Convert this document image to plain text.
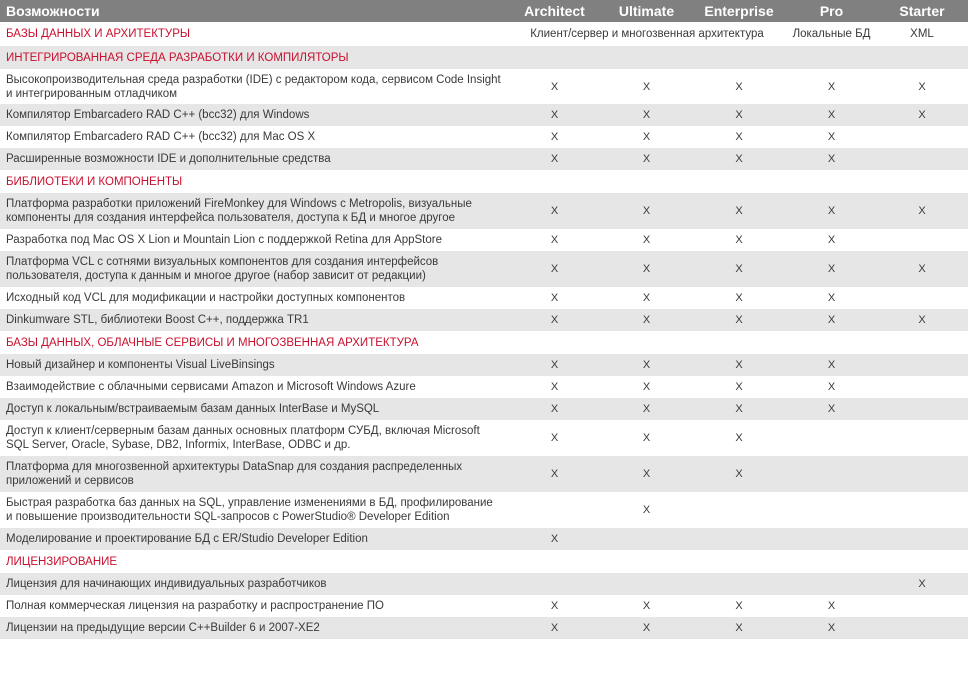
Возможности	Architect	Ultimate	Enterprise	Pro	Starter
БАЗЫ ДАННЫХ И АРХИТЕКТУРЫ	Клиент/сервер и многозвенная архитектура			Локальные БД	XML
ИНТЕГРИРОВАННАЯ СРЕДА РАЗРАБОТКИ И КОМПИЛЯТОРЫ					
Высокопроизводительная среда разработки (IDE) с редактором кода, сервисом Code Insight и интегрированным отладчиком	X	X	X	X	X
Компилятор Embarcadero RAD C++ (bcc32) для Windows	X	X	X	X	X
Компилятор Embarcadero RAD C++ (bcc32) для Mac OS X	X	X	X	X	
Расширенные возможности IDE и дополнительные средства	X	X	X	X	
БИБЛИОТЕКИ И КОМПОНЕНТЫ					
Платформа разработки приложений FireMonkey для Windows с Metropolis, визуальные компоненты для создания интерфейса пользователя, доступа к БД и многое другое	X	X	X	X	X
Разработка под Mac OS X Lion и Mountain Lion с поддержкой Retina для AppStore	X	X	X	X	
Платформа VCL с сотнями визуальных компонентов для создания интерфейсов пользователя, доступа к данным и многое другое (набор зависит от редакции)	X	X	X	X	X
Исходный код VCL для модификации и настройки доступных компонентов	X	X	X	X	
Dinkumware STL, библиотеки Boost C++, поддержка TR1	X	X	X	X	X
БАЗЫ ДАННЫХ, ОБЛАЧНЫЕ СЕРВИСЫ И МНОГОЗВЕННАЯ АРХИТЕКТУРА					
Новый дизайнер и компоненты Visual LiveBinsings	X	X	X	X	
Взаимодействие с облачными сервисами Amazon и Microsoft Windows Azure	X	X	X	X	
Доступ к локальным/встраиваемым базам данных InterBase и MySQL	X	X	X	X	
Доступ к клиент/серверным базам данных основных платформ СУБД, включая Microsoft SQL Server, Oracle, Sybase, DB2, Informix, InterBase, ODBC и др.	X	X	X		
Платформа для многозвенной архитектуры DataSnap для создания распределенных приложений и сервисов	X	X	X		
Быстрая разработка баз данных на SQL, управление изменениями в БД, профилирование и повышение производительности SQL-запросов с PowerStudio® Developer Edition		X			
Моделирование и проектирование БД с ER/Studio Developer Edition	X				
ЛИЦЕНЗИРОВАНИЕ					
Лицензия для начинающих индивидуальных разработчиков					X
Полная коммерческая лицензия на разработку и распространение ПО	X	X	X	X	
Лицензии на предыдущие версии C++Builder 6 и 2007-XE2	X	X	X	X	
